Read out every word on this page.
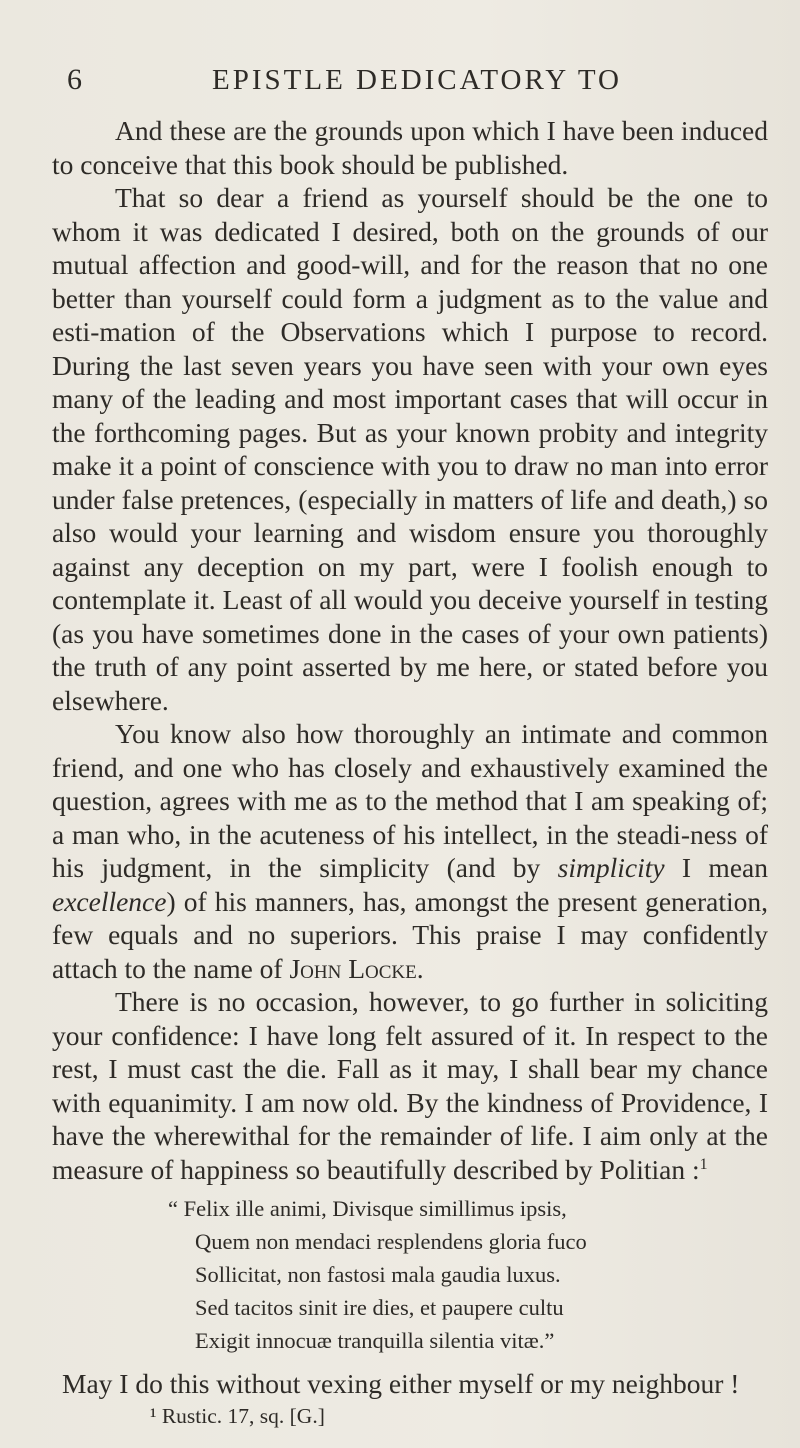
6	EPISTLE DEDICATORY TO

And these are the grounds upon which I have been induced to conceive that this book should be published.

That so dear a friend as yourself should be the one to whom it was dedicated I desired, both on the grounds of our mutual affection and good-will, and for the reason that no one better than yourself could form a judgment as to the value and esti-mation of the Observations which I purpose to record. During the last seven years you have seen with your own eyes many of the leading and most important cases that will occur in the forthcoming pages. But as your known probity and integrity make it a point of conscience with you to draw no man into error under false pretences, (especially in matters of life and death,) so also would your learning and wisdom ensure you thoroughly against any deception on my part, were I foolish enough to contemplate it. Least of all would you deceive yourself in testing (as you have sometimes done in the cases of your own patients) the truth of any point asserted by me here, or stated before you elsewhere.

You know also how thoroughly an intimate and common friend, and one who has closely and exhaustively examined the question, agrees with me as to the method that I am speaking of; a man who, in the acuteness of his intellect, in the steadi-ness of his judgment, in the simplicity (and by simplicity I mean excellence) of his manners, has, amongst the present generation, few equals and no superiors. This praise I may confidently attach to the name of John Locke.

There is no occasion, however, to go further in soliciting your confidence: I have long felt assured of it. In respect to the rest, I must cast the die. Fall as it may, I shall bear my chance with equanimity. I am now old. By the kindness of Providence, I have the wherewithal for the remainder of life. I aim only at the measure of happiness so beautifully described by Politian :$^1$

“ Felix ille animi, Divisque simillimus ipsis,
Quem non mendaci resplendens gloria fuco
Sollicitat, non fastosi mala gaudia luxus.
Sed tacitos sinit ire dies, et paupere cultu
Exigit innocuæ tranquilla silentia vitæ.”

May I do this without vexing either myself or my neighbour !

¹ Rustic. 17, sq. [G.]
